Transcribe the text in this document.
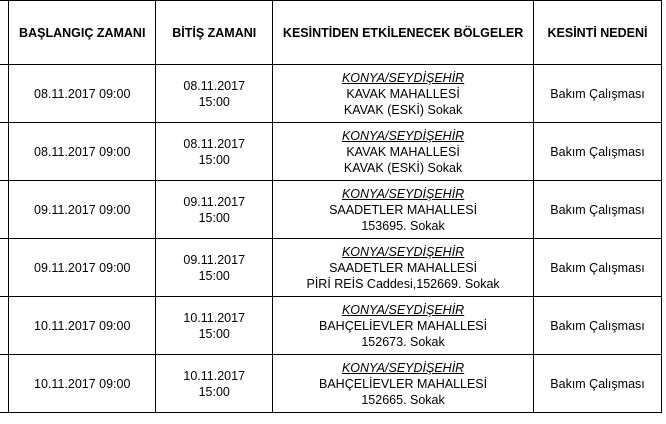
	BAŞLANGIÇ ZAMANI	BİTİŞ ZAMANI	KESİNTİDEN ETKİLENECEK BÖLGELER	KESİNTİ NEDENİ
	08.11.2017 09:00	08.11.2017
15:00	KONYA/SEYDİŞEHİR
KAVAK MAHALLESİ
KAVAK (ESKİ) Sokak	Bakım Çalışması
	08.11.2017 09:00	08.11.2017
15:00	KONYA/SEYDİŞEHİR
KAVAK MAHALLESİ
KAVAK (ESKİ) Sokak	Bakım Çalışması
	09.11.2017 09:00	09.11.2017
15:00	KONYA/SEYDİŞEHİR
SAADETLER MAHALLESİ
153695. Sokak	Bakım Çalışması
	09.11.2017 09:00	09.11.2017
15:00	KONYA/SEYDİŞEHİR
SAADETLER MAHALLESİ
PİRİ REİS Caddesi,152669. Sokak	Bakım Çalışması
	10.11.2017 09:00	10.11.2017
15:00	KONYA/SEYDİŞEHİR
BAHÇELİEVLER MAHALLESİ
152673. Sokak	Bakım Çalışması
	10.11.2017 09:00	10.11.2017
15:00	KONYA/SEYDİŞEHİR
BAHÇELİEVLER MAHALLESİ
152665. Sokak	Bakım Çalışması
